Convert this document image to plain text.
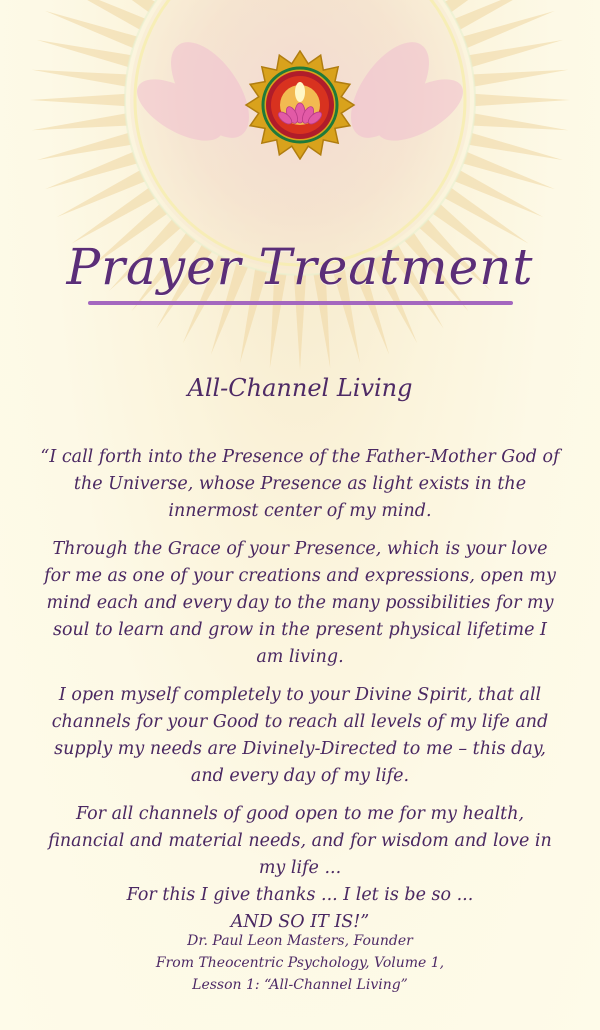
Prayer Treatment
All-Channel Living

“I call forth into the Presence of the Father-Mother God of the Universe, whose Presence as light exists in the innermost center of my mind.

Through the Grace of your Presence, which is your love for me as one of your creations and expressions, open my mind each and every day to the many possibilities for my soul to learn and grow in the present physical lifetime I am living.

I open myself completely to your Divine Spirit, that all channels for your Good to reach all levels of my life and supply my needs are Divinely-Directed to me – this day, and every day of my life.

For all channels of good open to me for my health, financial and material needs, and for wisdom and love in my life ...
For this I give thanks ... I let is be so ...
AND SO IT IS!”

Dr. Paul Leon Masters, Founder
From Theocentric Psychology, Volume 1,
Lesson 1: “All-Channel Living”
